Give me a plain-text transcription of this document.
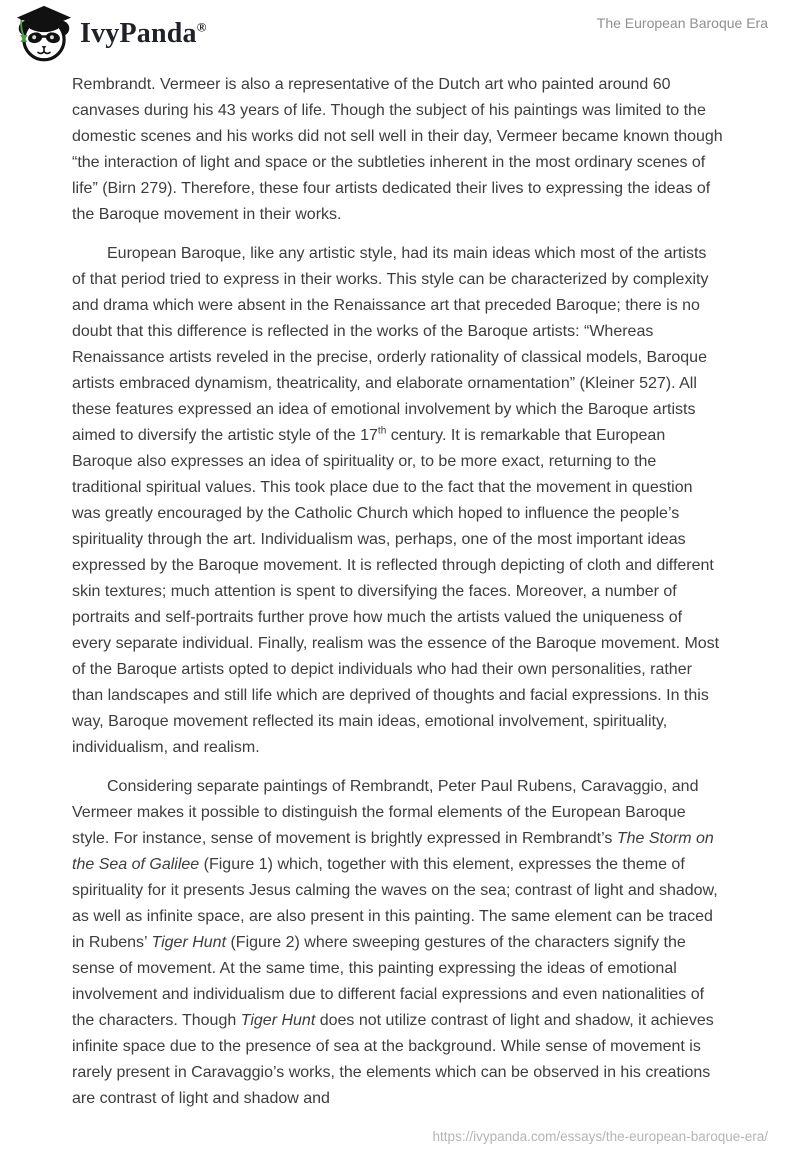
IvyPanda®	The European Baroque Era

Rembrandt. Vermeer is also a representative of the Dutch art who painted around 60 canvases during his 43 years of life. Though the subject of his paintings was limited to the domestic scenes and his works did not sell well in their day, Vermeer became known though “the interaction of light and space or the subtleties inherent in the most ordinary scenes of life” (Birn 279). Therefore, these four artists dedicated their lives to expressing the ideas of the Baroque movement in their works.

European Baroque, like any artistic style, had its main ideas which most of the artists of that period tried to express in their works. This style can be characterized by complexity and drama which were absent in the Renaissance art that preceded Baroque; there is no doubt that this difference is reflected in the works of the Baroque artists: “Whereas Renaissance artists reveled in the precise, orderly rationality of classical models, Baroque artists embraced dynamism, theatricality, and elaborate ornamentation” (Kleiner 527). All these features expressed an idea of emotional involvement by which the Baroque artists aimed to diversify the artistic style of the 17th century. It is remarkable that European Baroque also expresses an idea of spirituality or, to be more exact, returning to the traditional spiritual values. This took place due to the fact that the movement in question was greatly encouraged by the Catholic Church which hoped to influence the people’s spirituality through the art. Individualism was, perhaps, one of the most important ideas expressed by the Baroque movement. It is reflected through depicting of cloth and different skin textures; much attention is spent to diversifying the faces. Moreover, a number of portraits and self-portraits further prove how much the artists valued the uniqueness of every separate individual. Finally, realism was the essence of the Baroque movement. Most of the Baroque artists opted to depict individuals who had their own personalities, rather than landscapes and still life which are deprived of thoughts and facial expressions. In this way, Baroque movement reflected its main ideas, emotional involvement, spirituality, individualism, and realism.

Considering separate paintings of Rembrandt, Peter Paul Rubens, Caravaggio, and Vermeer makes it possible to distinguish the formal elements of the European Baroque style. For instance, sense of movement is brightly expressed in Rembrandt’s The Storm on the Sea of Galilee (Figure 1) which, together with this element, expresses the theme of spirituality for it presents Jesus calming the waves on the sea; contrast of light and shadow, as well as infinite space, are also present in this painting. The same element can be traced in Rubens’ Tiger Hunt (Figure 2) where sweeping gestures of the characters signify the sense of movement. At the same time, this painting expressing the ideas of emotional involvement and individualism due to different facial expressions and even nationalities of the characters. Though Tiger Hunt does not utilize contrast of light and shadow, it achieves infinite space due to the presence of sea at the background. While sense of movement is rarely present in Caravaggio’s works, the elements which can be observed in his creations are contrast of light and shadow and

https://ivypanda.com/essays/the-european-baroque-era/
